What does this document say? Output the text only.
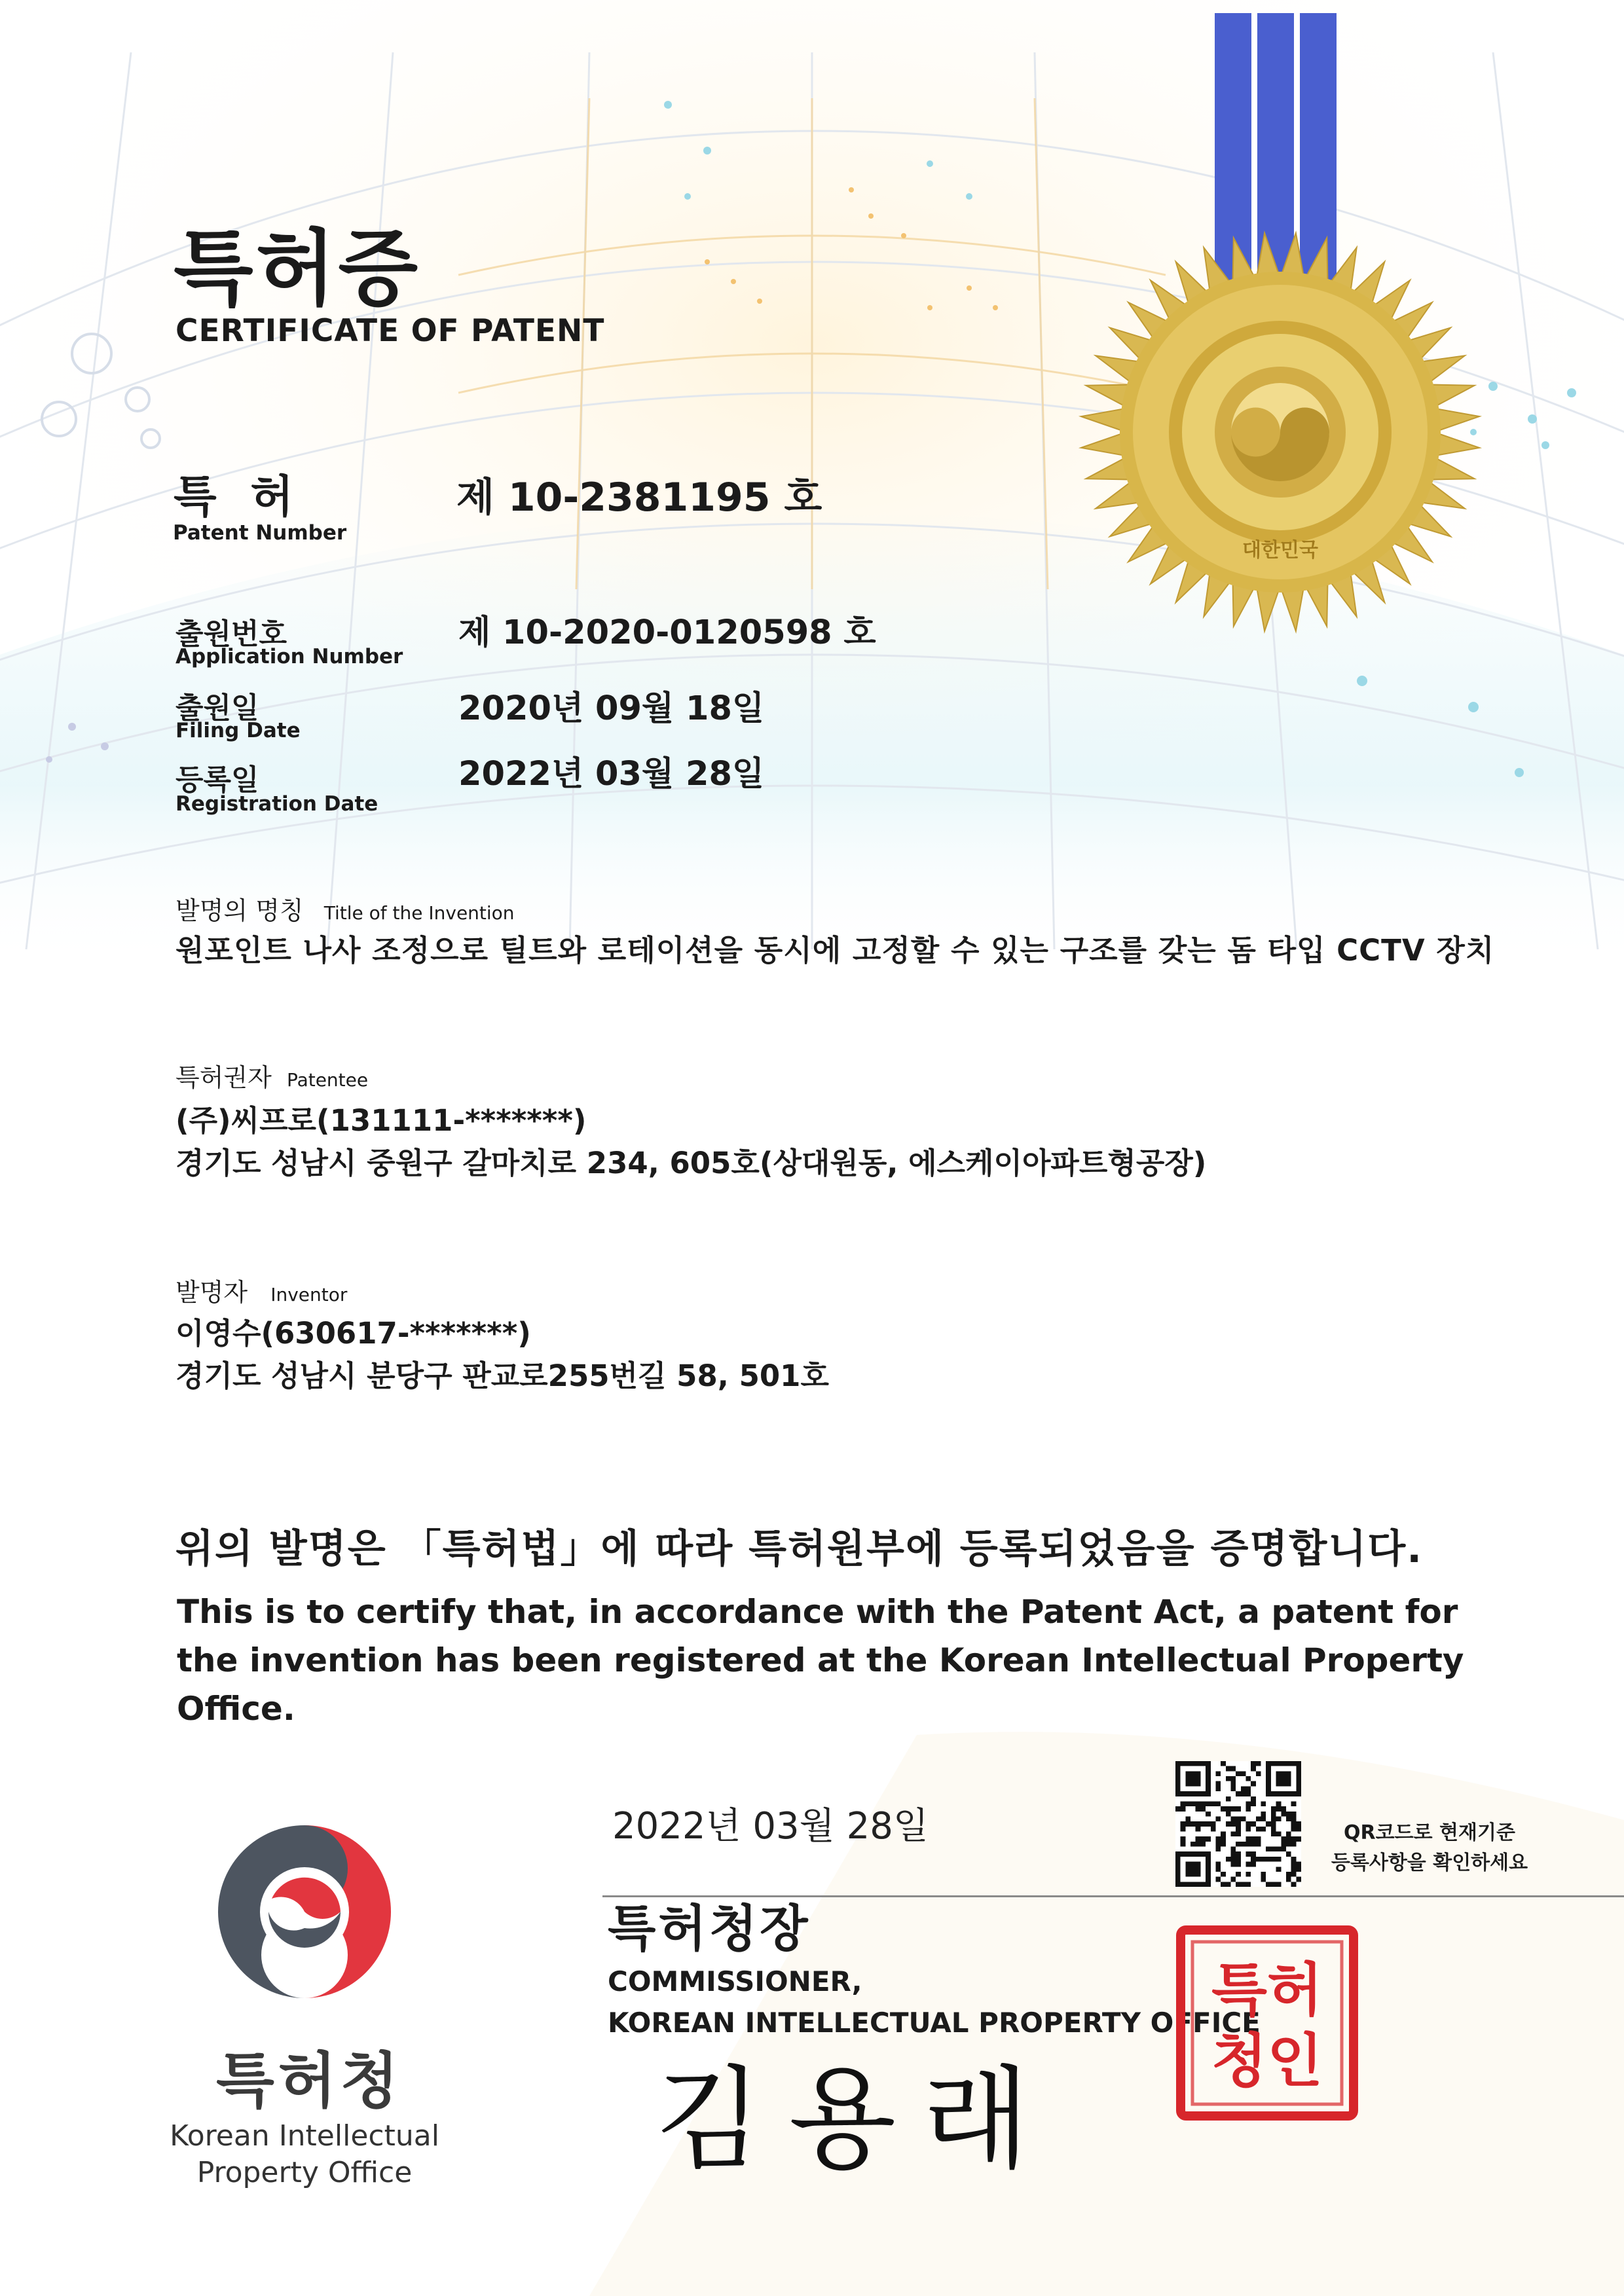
대한민국
특허증
CERTIFICATE OF PATENT
특 허
Patent Number
제 10-2381195 호
출원번호
Application Number
제 10-2020-0120598 호
출원일
Filing Date
2020년 09월 18일
등록일
Registration Date
2022년 03월 28일
발명의 명칭 Title of the Invention
원포인트 나사 조정으로 틸트와 로테이션을 동시에 고정할 수 있는 구조를 갖는 돔 타입 CCTV 장치
특허권자 Patentee
(주)씨프로(131111-*******)
경기도 성남시 중원구 갈마치로 234, 605호(상대원동, 에스케이아파트형공장)
발명자 Inventor
이영수(630617-*******)
경기도 성남시 분당구 판교로255번길 58, 501호
위의 발명은 「특허법」에 따라 특허원부에 등록되었음을 증명합니다.
This is to certify that, in accordance with the Patent Act, a patent for the invention has been registered at the Korean Intellectual Property Office.
2022년 03월 28일
특허청장
COMMISSIONER,
KOREAN INTELLECTUAL PROPERTY OFFICE
김용래
특허
청인
QR코드로 현재기준
등록사항을 확인하세요
특허청
Korean Intellectual
Property Office
